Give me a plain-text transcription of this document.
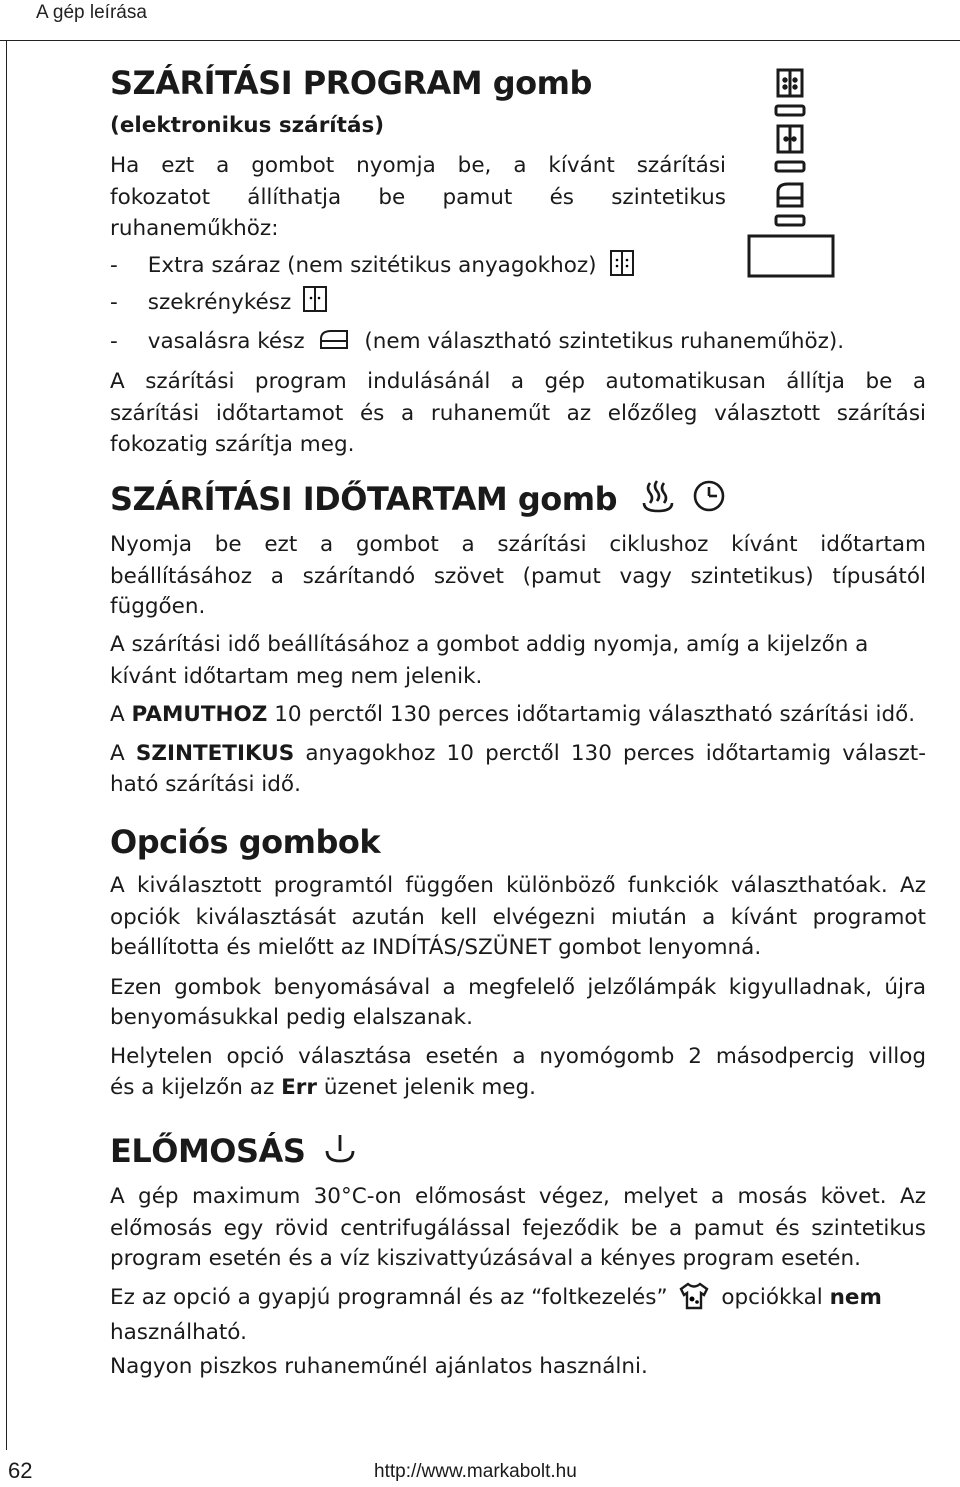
A gép leírása
SZÁRÍTÁSI PROGRAM gomb
(elektronikus szárítás)
Ha ezt a gombot nyomja be, a kívánt szárítási
fokozatot állíthatja be pamut és szintetikus
ruhaneműkhöz:
- Extra száraz (nem szitétikus anyagokhoz)
- szekrénykész
- vasalásra kész	(nem választható szintetikus ruhaneműhöz).
A szárítási program indulásánál a gép automatikusan állítja be a
szárítási időtartamot és a ruhaneműt az előzőleg választott szárítási
fokozatig szárítja meg.
SZÁRÍTÁSI IDŐTARTAM gomb
Nyomja be ezt a gombot a szárítási ciklushoz kívánt időtartam
beállításához a szárítandó szövet (pamut vagy szintetikus) típusától
függően.
A szárítási idő beállításához a gombot addig nyomja, amíg a kijelzőn a
kívánt időtartam meg nem jelenik.
A PAMUTHOZ 10 perctől 130 perces időtartamig választható szárítási idő.
A SZINTETIKUS anyagokhoz 10 perctől 130 perces időtartamig választ-
ható szárítási idő.
Opciós gombok
A kiválasztott programtól függően különböző funkciók választhatóak. Az
opciók kiválasztását azután kell elvégezni miután a kívánt programot
beállította és mielőtt az INDÍTÁS/SZÜNET gombot lenyomná.
Ezen gombok benyomásával a megfelelő jelzőlámpák kigyulladnak, újra
benyomásukkal pedig elalszanak.
Helytelen opció választása esetén a nyomógomb 2 másodpercig villog
és a kijelzőn az Err üzenet jelenik meg.
ELŐMOSÁS
A gép maximum 30°C-on előmosást végez, melyet a mosás követ. Az
előmosás egy rövid centrifugálással fejeződik be a pamut és szintetikus
program esetén és a víz kiszivattyúzásával a kényes program esetén.
Ez az opció a gyapjú programnál és az “foltkezelés” opciókkal nem
használható.
Nagyon piszkos ruhaneműnél ajánlatos használni.
62	http://www.markabolt.hu
